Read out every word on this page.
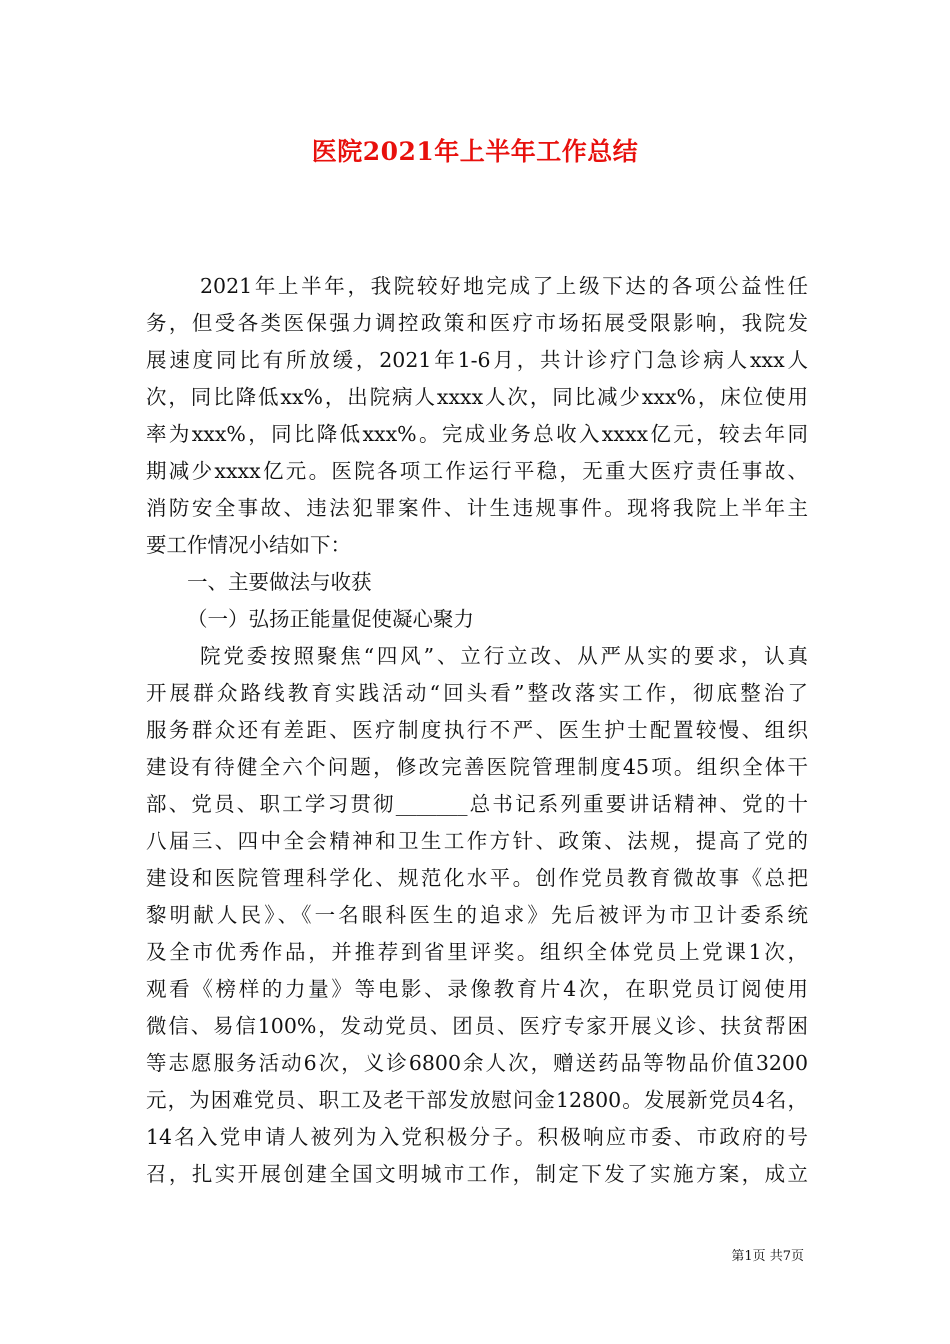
医院2021年上半年工作总结
2021年上半年，我院较好地完成了上级下达的各项公益性任
务，但受各类医保强力调控政策和医疗市场拓展受限影响，我院发
展速度同比有所放缓，2021年1-6月，共计诊疗门急诊病人xxx人
次，同比降低xx%，出院病人xxxx人次，同比减少xxx%，床位使用
率为xxx%，同比降低xxx%。完成业务总收入xxxx亿元，较去年同
期减少xxxx亿元。医院各项工作运行平稳，无重大医疗责任事故、
消防安全事故、违法犯罪案件、计生违规事件。现将我院上半年主
要工作情况小结如下：
一、主要做法与收获
（一）弘扬正能量促使凝心聚力
院党委按照聚焦“四风”、立行立改、从严从实的要求，认真
开展群众路线教育实践活动“回头看”整改落实工作，彻底整治了
服务群众还有差距、医疗制度执行不严、医生护士配置较慢、组织
建设有待健全六个问题，修改完善医院管理制度45项。组织全体干
部、党员、职工学习贯彻_______总书记系列重要讲话精神、党的十
八届三、四中全会精神和卫生工作方针、政策、法规，提高了党的
建设和医院管理科学化、规范化水平。创作党员教育微故事《总把
黎明献人民》、《一名眼科医生的追求》先后被评为市卫计委系统
及全市优秀作品，并推荐到省里评奖。组织全体党员上党课1次，
观看《榜样的力量》等电影、录像教育片4次，在职党员订阅使用
微信、易信100%，发动党员、团员、医疗专家开展义诊、扶贫帮困
等志愿服务活动6次，义诊6800余人次，赠送药品等物品价值3200
元，为困难党员、职工及老干部发放慰问金12800。发展新党员4名，
14名入党申请人被列为入党积极分子。积极响应市委、市政府的号
召，扎实开展创建全国文明城市工作，制定下发了实施方案，成立
第1页 共7页
